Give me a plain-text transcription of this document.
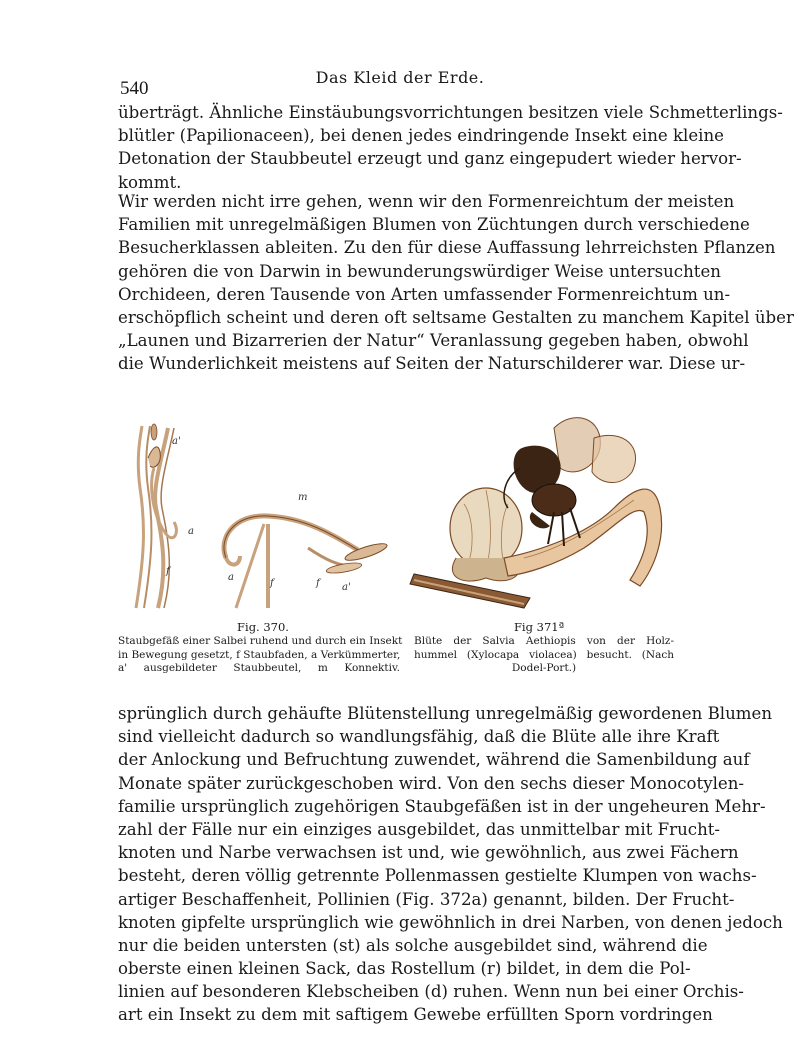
540
Das Kleid der Erde.
überträgt. Ähnliche Einstäubungsvorrichtungen besitzen viele Schmetterlings-
blütler (Papilionaceen), bei denen jedes eindringende Insekt eine kleine
Detonation der Staubbeutel erzeugt und ganz eingepudert wieder hervor-
kommt.
Wir werden nicht irre gehen, wenn wir den Formenreichtum der meisten
Familien mit unregelmäßigen Blumen von Züchtungen durch verschiedene
Besucherklassen ableiten. Zu den für diese Auffassung lehrreichsten Pflanzen
gehören die von Darwin in bewunderungswürdiger Weise untersuchten
Orchideen, deren Tausende von Arten umfassender Formenreichtum un-
erschöpflich scheint und deren oft seltsame Gestalten zu manchem Kapitel über
„Launen und Bizarrerien der Natur“ Veranlassung gegeben haben, obwohl
die Wunderlichkeit meistens auf Seiten der Naturschilderer war. Diese ur-
a'
a
f
m
a
f	f a'
Fig. 370.
Staubgefäß einer Salbei ruhend und durch ein Insekt
in Bewegung gesetzt, f Staubfaden, a Verkümmerter,
a' ausgebildeter Staubbeutel, m Konnektiv.
Fig 371ª
Blüte der Salvia Aethiopis von der Holz-
hummel (Xylocapa violacea) besucht. (Nach
Dodel-Port.)
sprünglich durch gehäufte Blütenstellung unregelmäßig gewordenen Blumen
sind vielleicht dadurch so wandlungsfähig, daß die Blüte alle ihre Kraft
der Anlockung und Befruchtung zuwendet, während die Samenbildung auf
Monate später zurückgeschoben wird. Von den sechs dieser Monocotylen-
familie ursprünglich zugehörigen Staubgefäßen ist in der ungeheuren Mehr-
zahl der Fälle nur ein einziges ausgebildet, das unmittelbar mit Frucht-
knoten und Narbe verwachsen ist und, wie gewöhnlich, aus zwei Fächern
besteht, deren völlig getrennte Pollenmassen gestielte Klumpen von wachs-
artiger Beschaffenheit, Pollinien (Fig. 372a) genannt, bilden. Der Frucht-
knoten gipfelte ursprünglich wie gewöhnlich in drei Narben, von denen jedoch
nur die beiden untersten (st) als solche ausgebildet sind, während die
oberste einen kleinen Sack, das Rostellum (r) bildet, in dem die Pol-
linien auf besonderen Klebscheiben (d) ruhen. Wenn nun bei einer Orchis-
art ein Insekt zu dem mit saftigem Gewebe erfüllten Sporn vordringen
